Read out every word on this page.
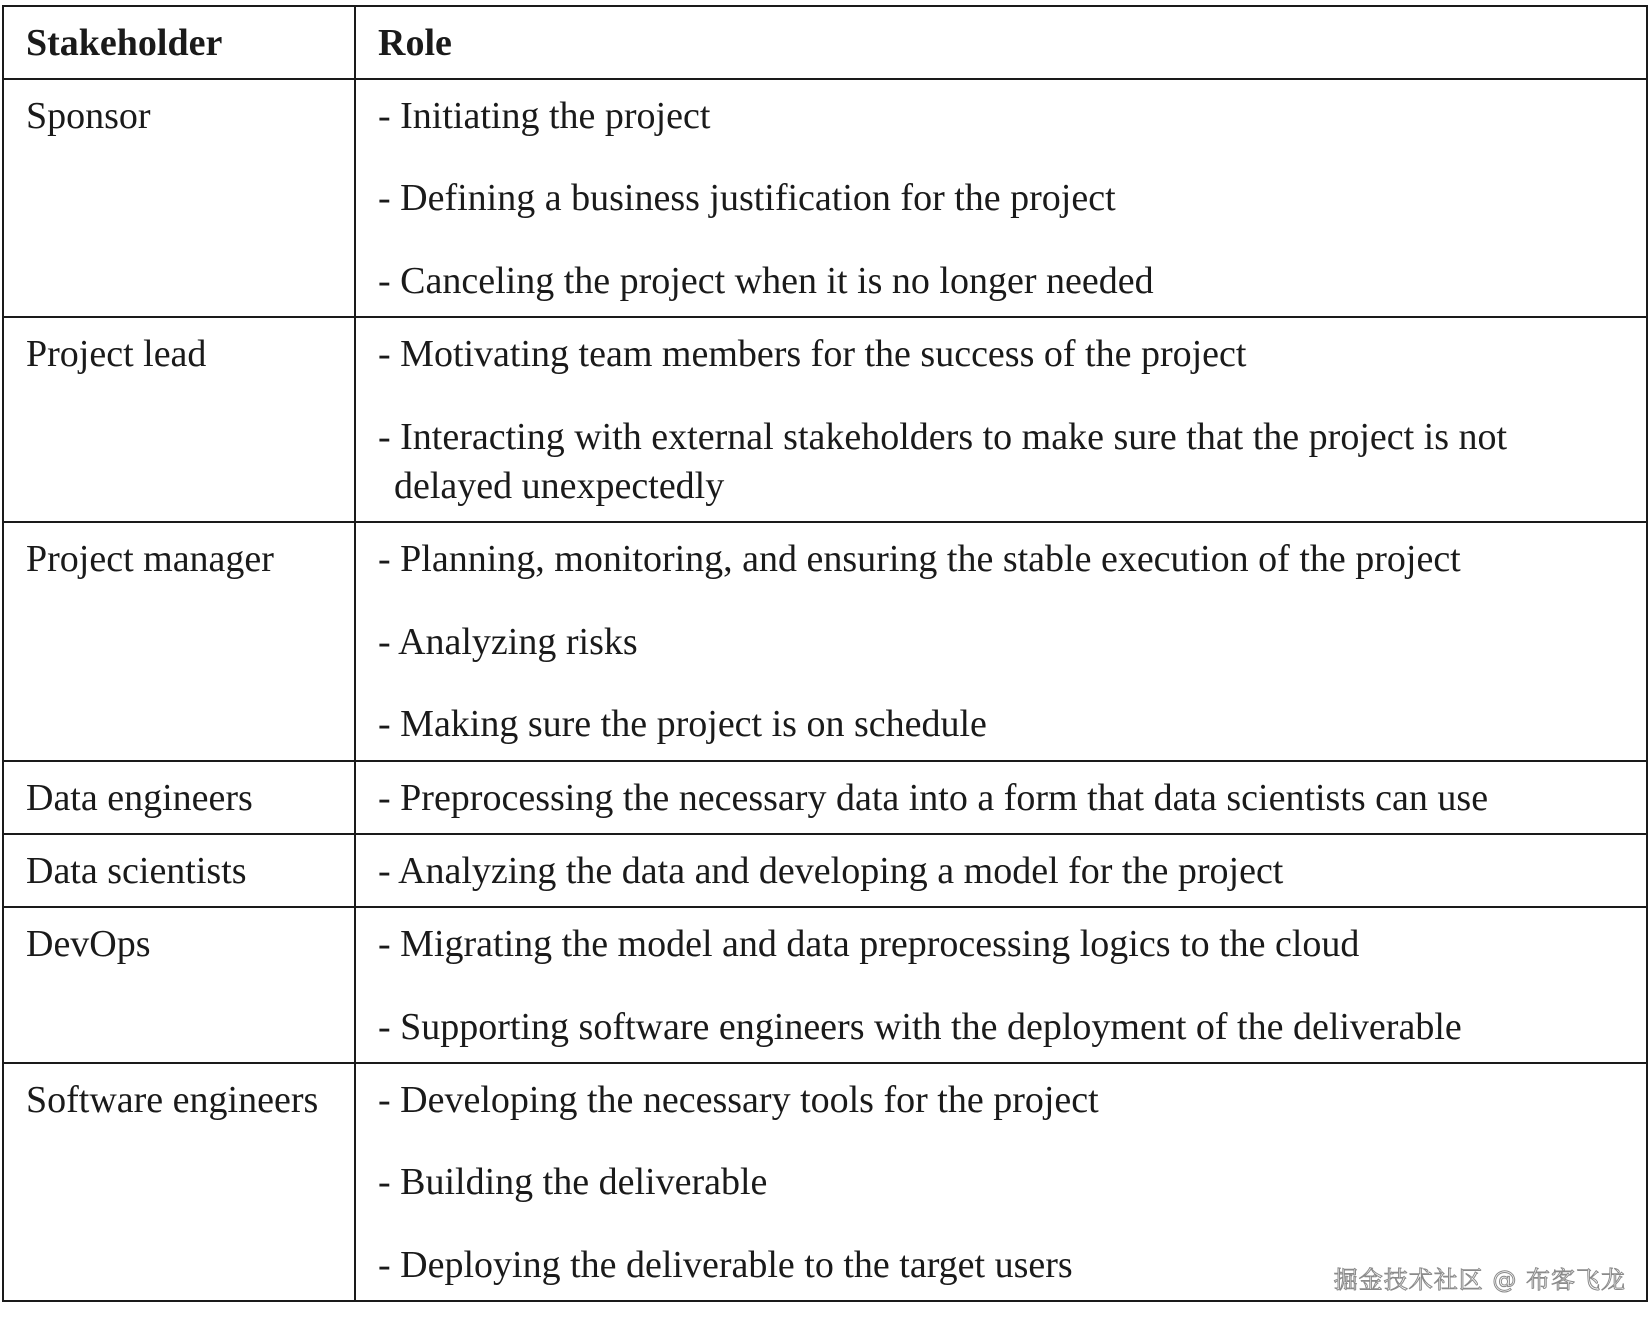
Stakeholder	Role
Sponsor	- Initiating the project

- Defining a business justification for the project

- Canceling the project when it is no longer needed

Project lead	- Motivating team members for the success of the project

- Interacting with external stakeholders to make sure that the project is not delayed unexpectedly

Project manager	- Planning, monitoring, and ensuring the stable execution of the project

- Analyzing risks

- Making sure the project is on schedule

Data engineers	- Preprocessing the necessary data into a form that data scientists can use

Data scientists	- Analyzing the data and developing a model for the project

DevOps	- Migrating the model and data preprocessing logics to the cloud

- Supporting software engineers with the deployment of the deliverable

Software engineers	- Developing the necessary tools for the project

- Building the deliverable

- Deploying the deliverable to the target users	掘金技术社区 @ 布客飞龙
